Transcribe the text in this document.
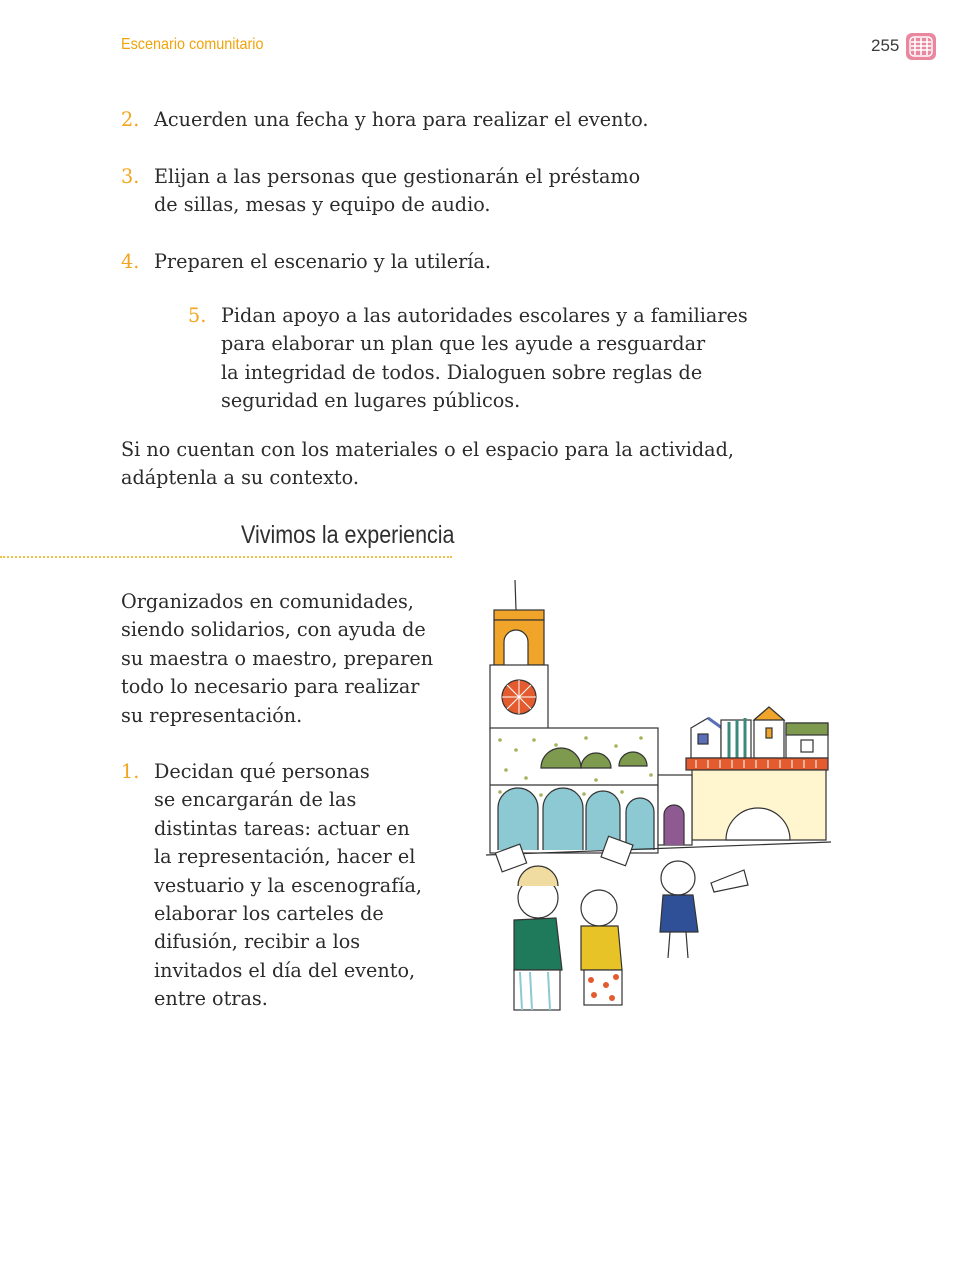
Escenario comunitario	255
2. Acuerden una fecha y hora para realizar el evento.
3. Elijan a las personas que gestionarán el préstamo
de sillas, mesas y equipo de audio.
4. Preparen el escenario y la utilería.
5. Pidan apoyo a las autoridades escolares y a familiares
para elaborar un plan que les ayude a resguardar
la integridad de todos. Dialoguen sobre reglas de
seguridad en lugares públicos.
Si no cuentan con los materiales o el espacio para la actividad,
adáptenla a su contexto.
Vivimos la experiencia
Organizados en comunidades,
siendo solidarios, con ayuda de
su maestra o maestro, preparen
todo lo necesario para realizar
su representación.
1. Decidan qué personas
se encargarán de las
distintas tareas: actuar en
la representación, hacer el
vestuario y la escenografía,
elaborar los carteles de
difusión, recibir a los
invitados el día del evento,
entre otras.
